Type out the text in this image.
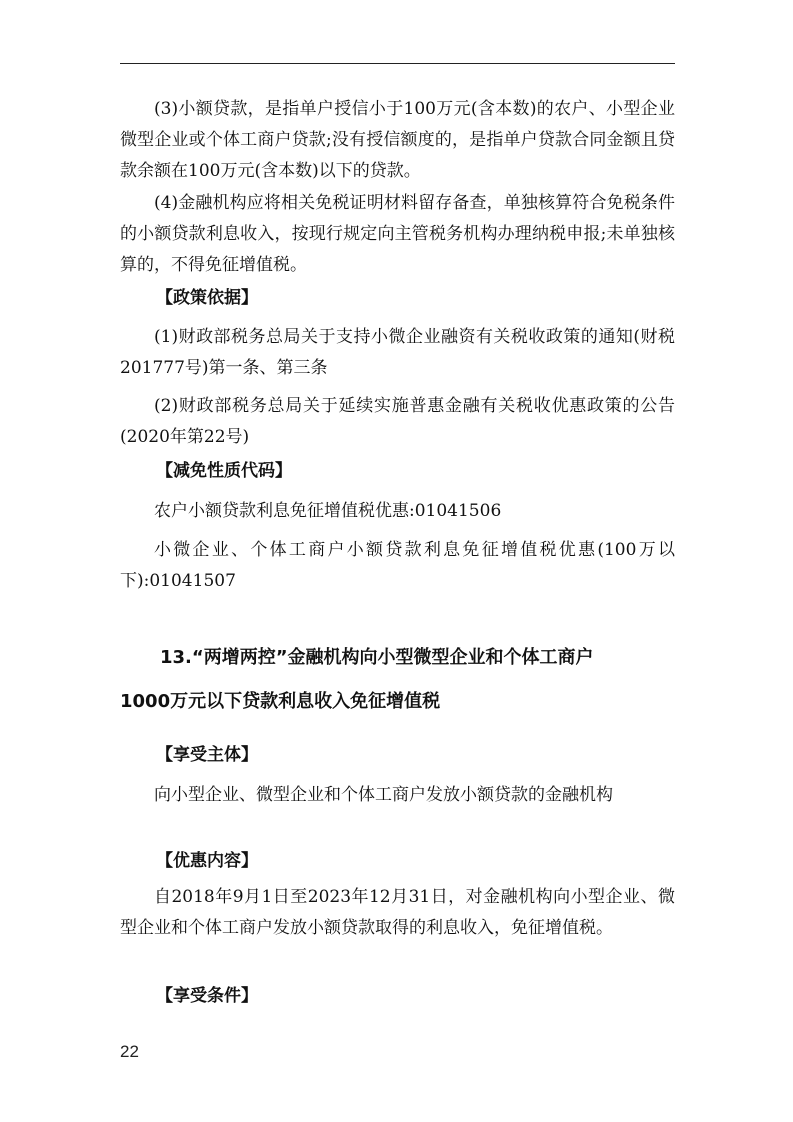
(3)小额贷款，是指单户授信小于100万元(含本数)的农户、小型企业微型企业或个体工商户贷款;没有授信额度的，是指单户贷款合同金额且贷款余额在100万元(含本数)以下的贷款。

(4)金融机构应将相关免税证明材料留存备查，单独核算符合免税条件的小额贷款利息收入，按现行规定向主管税务机构办理纳税申报;未单独核算的，不得免征增值税。

【政策依据】

(1)财政部税务总局关于支持小微企业融资有关税收政策的通知(财税201777号)第一条、第三条

(2)财政部税务总局关于延续实施普惠金融有关税收优惠政策的公告(2020年第22号)

【减免性质代码】

农户小额贷款利息免征增值税优惠:01041506

小微企业、个体工商户小额贷款利息免征增值税优惠(100万以下):01041507

13.“两增两控”金融机构向小型微型企业和个体工商户

1000万元以下贷款利息收入免征增值税

【享受主体】

向小型企业、微型企业和个体工商户发放小额贷款的金融机构

【优惠内容】

自2018年9月1日至2023年12月31日，对金融机构向小型企业、微型企业和个体工商户发放小额贷款取得的利息收入，免征增值税。

【享受条件】

22
